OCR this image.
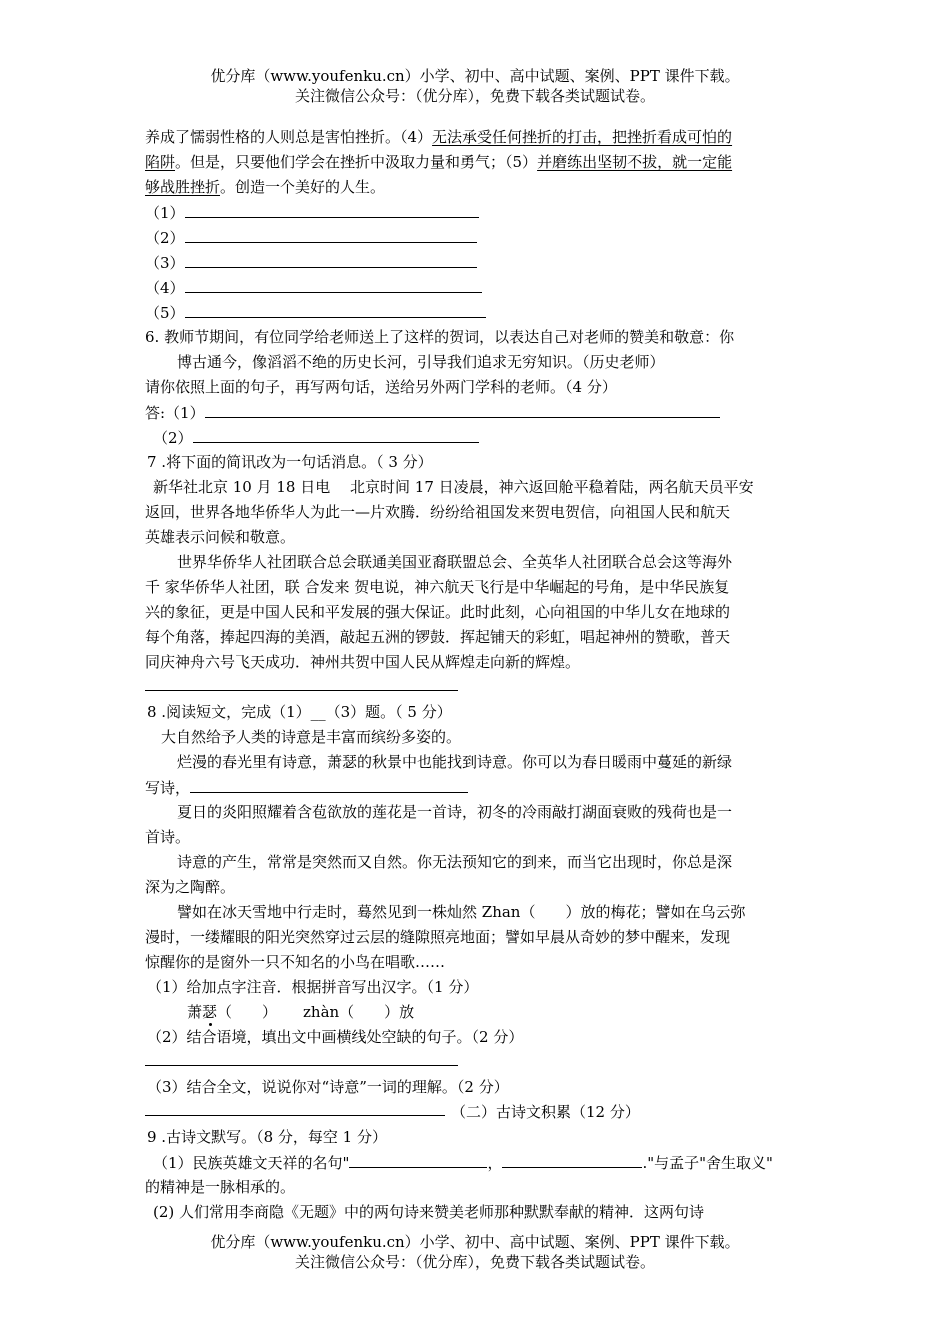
优分库（www.youfenku.cn）小学、初中、高中试题、案例、PPT 课件下载。
关注微信公众号：（优分库），免费下载各类试题试卷。
养成了懦弱性格的人则总是害怕挫折。（4）无法承受任何挫折的打击，把挫折看成可怕的
陷阱。但是，只要他们学会在挫折中汲取力量和勇气；（5）并磨练出坚韧不拔，就一定能
够战胜挫折。创造一个美好的人生。
（1）
（2）
（3）
（4）
（5）
6. 教师节期间，有位同学给老师送上了这样的贺词，以表达自己对老师的赞美和敬意：你
博古通今，像滔滔不绝的历史长河，引导我们追求无穷知识。（历史老师）
请你依照上面的句子，再写两句话，送给另外两门学科的老师。（4 分）
答:（1）
（2）
7 .将下面的简讯改为一句话消息。（ 3 分）
新华社北京 10 月 18 日电　 北京时间 17 日凌晨，神六返回舱平稳着陆，两名航天员平安
返回，世界各地华侨华人为此一—片欢腾．纷纷给祖国发来贺电贺信，向祖国人民和航天
英雄表示问候和敬意。
世界华侨华人社团联合总会联通美国亚裔联盟总会、全英华人社团联合总会这等海外
千 家华侨华人社团，联 合发来 贺电说，神六航天飞行是中华崛起的号角，是中华民族复
兴的象征，更是中国人民和平发展的强大保证。此时此刻，心向祖国的中华儿女在地球的
每个角落，捧起四海的美酒，敲起五洲的锣鼓．挥起铺天的彩虹，唱起神州的赞歌，普天
同庆神舟六号飞天成功．神州共贺中国人民从辉煌走向新的辉煌。
8 .阅读短文，完成（1）__（3）题。（ 5 分）
大自然给予人类的诗意是丰富而缤纷多姿的。
烂漫的春光里有诗意，萧瑟的秋景中也能找到诗意。你可以为春日暖雨中蔓延的新绿
写诗，
夏日的炎阳照耀着含苞欲放的莲花是一首诗，初冬的冷雨敲打湖面衰败的残荷也是一
首诗。
诗意的产生，常常是突然而又自然。你无法预知它的到来，而当它出现时，你总是深
深为之陶醉。
譬如在冰天雪地中行走时，蓦然见到一株灿然 Zhan（　　）放的梅花；譬如在乌云弥
漫时，一缕耀眼的阳光突然穿过云层的缝隙照亮地面；譬如早晨从奇妙的梦中醒来，发现
惊醒你的是窗外一只不知名的小鸟在唱歌……
（1）给加点字注音．根据拼音写出汉字。（1 分）
萧瑟（　　） zhàn（　　）放
（2）结合语境，填出文中画横线处空缺的句子。（2 分）
（3）结合全文，说说你对“诗意”一词的理解。（2 分）
（二）古诗文积累（12 分）
9 .古诗文默写。（8 分，每空 1 分）
（1）民族英雄文天祥的名句"	，	."与孟子"舍生取义"
的精神是一脉相承的。
(2) 人们常用李商隐《无题》中的两句诗来赞美老师那种默默奉献的精神．这两句诗
优分库（www.youfenku.cn）小学、初中、高中试题、案例、PPT 课件下载。
关注微信公众号：（优分库），免费下载各类试题试卷。
